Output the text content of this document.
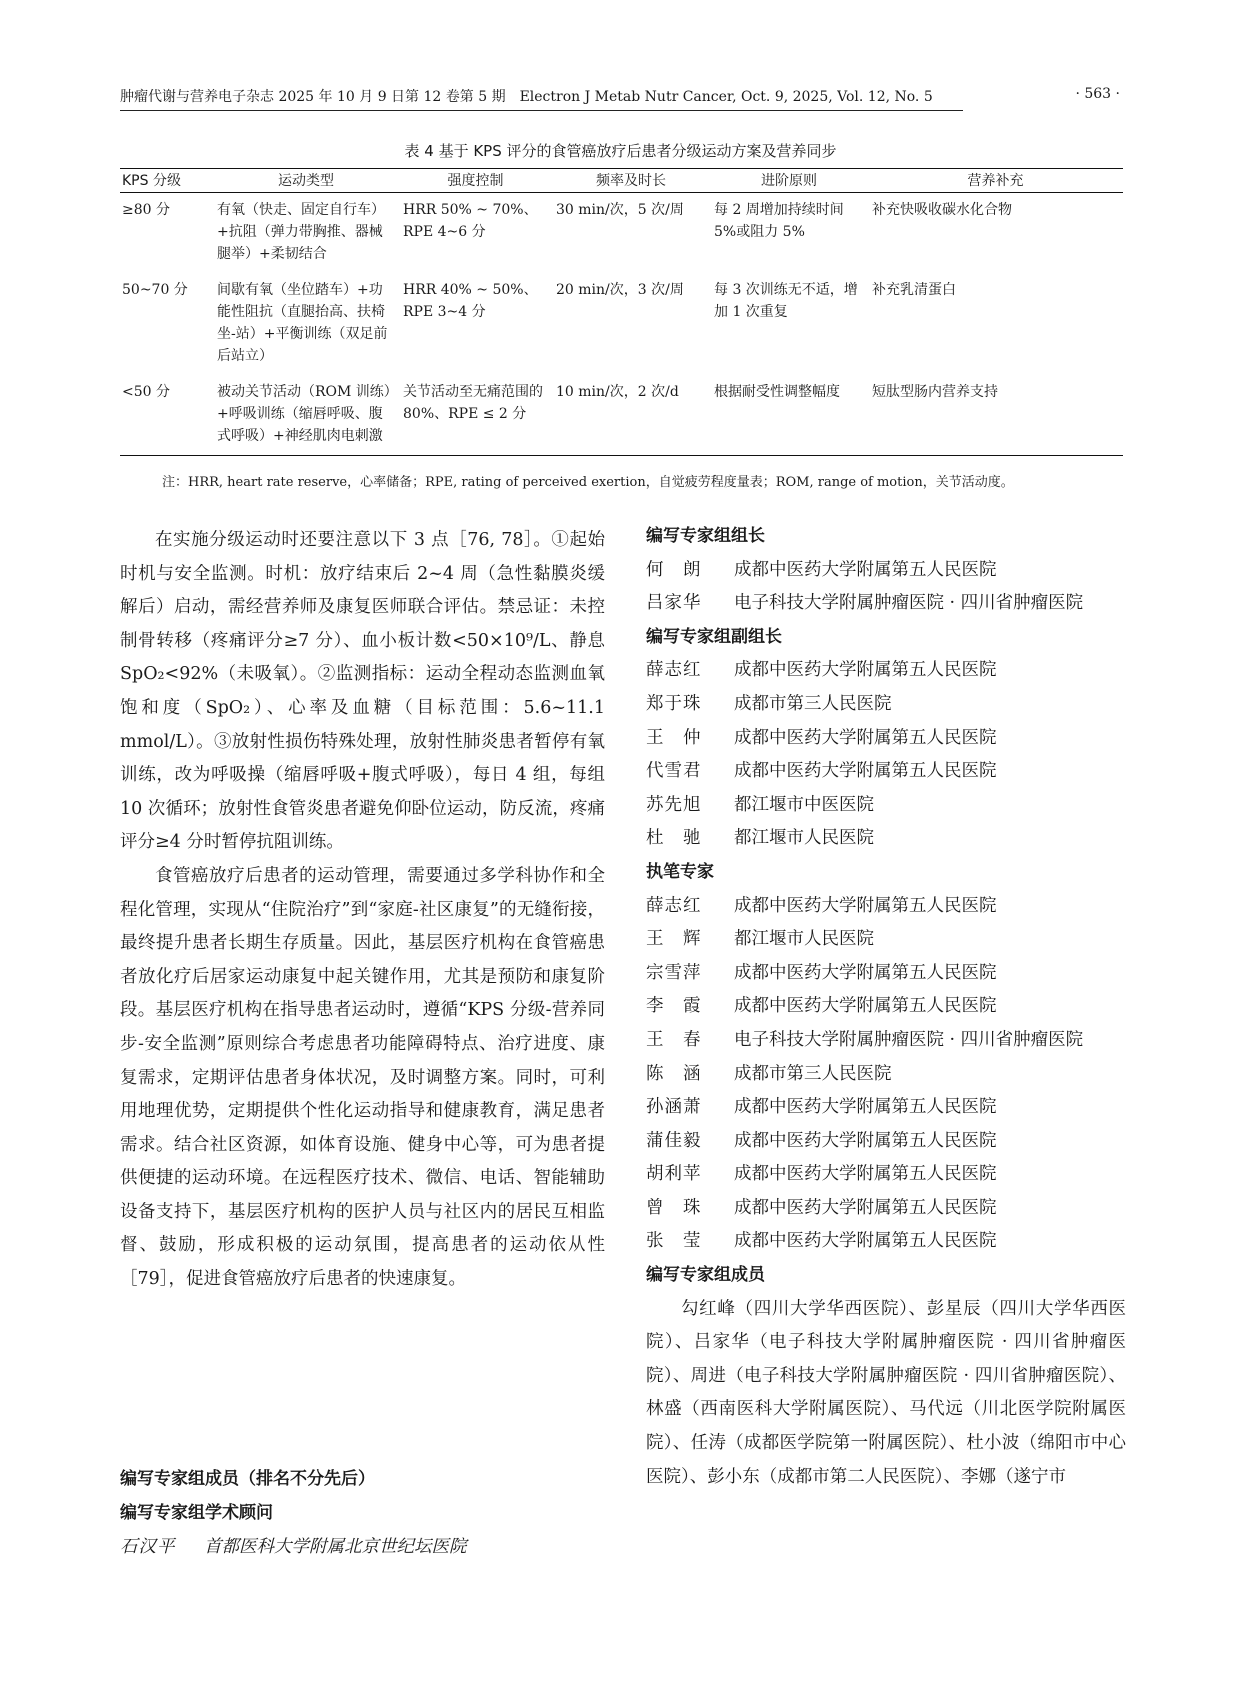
肿瘤代谢与营养电子杂志 2025 年 10 月 9 日第 12 卷第 5 期　Electron J Metab Nutr Cancer, Oct. 9, 2025, Vol. 12, No. 5	· 563 ·
表 4 基于 KPS 评分的食管癌放疗后患者分级运动方案及营养同步
KPS 分级	运动类型	强度控制	频率及时长	进阶原则	营养补充
≥80 分	有氧（快走、固定自行车）+抗阻（弹力带胸推、器械腿举）+柔韧结合	HRR 50% ~ 70%、RPE 4~6 分	30 min/次，5 次/周	每 2 周增加持续时间 5%或阻力 5%	补充快吸收碳水化合物
50~70 分	间歇有氧（坐位踏车）+功能性阻抗（直腿抬高、扶椅坐-站）+平衡训练（双足前后站立）	HRR 40% ~ 50%、RPE 3~4 分	20 min/次，3 次/周	每 3 次训练无不适，增加 1 次重复	补充乳清蛋白
<50 分	被动关节活动（ROM 训练）+呼吸训练（缩唇呼吸、腹式呼吸）+神经肌肉电刺激	关节活动至无痛范围的 80%、RPE ≤ 2 分	10 min/次，2 次/d	根据耐受性调整幅度	短肽型肠内营养支持
注：HRR, heart rate reserve，心率储备；RPE, rating of perceived exertion，自觉疲劳程度量表；ROM, range of motion，关节活动度。

在实施分级运动时还要注意以下 3 点［76, 78］。①起始时机与安全监测。时机：放疗结束后 2~4 周（急性黏膜炎缓解后）启动，需经营养师及康复医师联合评估。禁忌证：未控制骨转移（疼痛评分≥7 分）、血小板计数<50×10⁹/L、静息 SpO₂<92%（未吸氧）。②监测指标：运动全程动态监测血氧饱和度（SpO₂）、心率及血糖（目标范围：5.6~11.1 mmol/L）。③放射性损伤特殊处理，放射性肺炎患者暂停有氧训练，改为呼吸操（缩唇呼吸+腹式呼吸），每日 4 组，每组 10 次循环；放射性食管炎患者避免仰卧位运动，防反流，疼痛评分≥4 分时暂停抗阻训练。

食管癌放疗后患者的运动管理，需要通过多学科协作和全程化管理，实现从“住院治疗”到“家庭-社区康复”的无缝衔接，最终提升患者长期生存质量。因此，基层医疗机构在食管癌患者放化疗后居家运动康复中起关键作用，尤其是预防和康复阶段。基层医疗机构在指导患者运动时，遵循“KPS 分级-营养同步-安全监测”原则综合考虑患者功能障碍特点、治疗进度、康复需求，定期评估患者身体状况，及时调整方案。同时，可利用地理优势，定期提供个性化运动指导和健康教育，满足患者需求。结合社区资源，如体育设施、健身中心等，可为患者提供便捷的运动环境。在远程医疗技术、微信、电话、智能辅助设备支持下，基层医疗机构的医护人员与社区内的居民互相监督、鼓励，形成积极的运动氛围，提高患者的运动依从性［79］，促进食管癌放疗后患者的快速康复。

编写专家组成员（排名不分先后）
编写专家组学术顾问
石汉平	首都医科大学附属北京世纪坛医院
编写专家组组长
何　朗	成都中医药大学附属第五人民医院
吕家华	电子科技大学附属肿瘤医院 · 四川省肿瘤医院
编写专家组副组长
薛志红	成都中医药大学附属第五人民医院
郑于珠	成都市第三人民医院
王　仲	成都中医药大学附属第五人民医院
代雪君	成都中医药大学附属第五人民医院
苏先旭	都江堰市中医医院
杜　驰	都江堰市人民医院
执笔专家
薛志红	成都中医药大学附属第五人民医院
王　辉	都江堰市人民医院
宗雪萍	成都中医药大学附属第五人民医院
李　霞	成都中医药大学附属第五人民医院
王　春	电子科技大学附属肿瘤医院 · 四川省肿瘤医院
陈　涵	成都市第三人民医院
孙涵萧	成都中医药大学附属第五人民医院
蒲佳毅	成都中医药大学附属第五人民医院
胡利苹	成都中医药大学附属第五人民医院
曾　珠	成都中医药大学附属第五人民医院
张　莹	成都中医药大学附属第五人民医院
编写专家组成员

勾红峰（四川大学华西医院）、彭星辰（四川大学华西医院）、吕家华（电子科技大学附属肿瘤医院 · 四川省肿瘤医院）、周进（电子科技大学附属肿瘤医院 · 四川省肿瘤医院）、林盛（西南医科大学附属医院）、马代远（川北医学院附属医院）、任涛（成都医学院第一附属医院）、杜小波（绵阳市中心医院）、彭小东（成都市第二人民医院）、李娜（遂宁市
